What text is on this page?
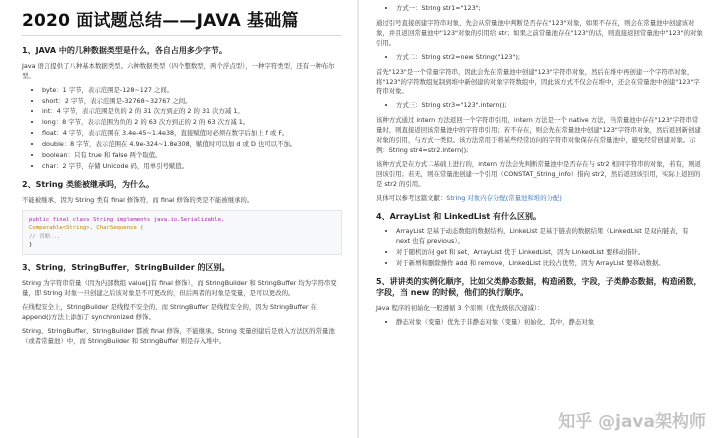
2020 面试题总结——JAVA 基础篇
1、JAVA 中的几种数据类型是什么，各自占用多少字节。

Java 语言提供了八种基本数据类型。六种数据类型（四个整数型，两个浮点型），一种字符类型，还有一种布尔型。

• byte：1 字节，表示范围是-128~127 之间。
• short：2 字节，表示范围是-32768~32767 之间。
• int：4 字节，表示范围是负的 2 的 31 次方到正的 2 的 31 次方减 1。
• long：8 字节，表示范围为负的 2 的 63 次方到正的 2 的 63 次方减 1。
• float：4 字节，表示范围在 3.4e-45~1.4e38，直接赋值时必须在数字后加上 f 或 F。
• double：8 字节，表示范围在 4.9e-324~1.8e308，赋值时可以加 d 或 D 也可以不加。
• boolean：只有 true 和 false 两个取值。
• char：2 字节，存储 Unicode 码，用单引号赋值。
2、String 类能被继承吗，为什么。

不能被继承，因为 String 类有 final 修饰符，而 final 修饰的类是不能被继承的。

public final class String implements java.io.Serializable,
Comparable<String>, CharSequence {
// 省略...
}
3、String，StringBuffer，StringBuilder 的区别。

String 为字符串常量（因为内部数组 value[]有 final 修饰），而 StringBuilder 和 StringBuffer 均为字符串变量，即 String 对象一旦创建之后该对象是不可更改的，但后两者的对象是变量，是可以更改的。

在线程安全上，StringBuilder 是线程不安全的，而 StringBuffer 是线程安全的，因为 StringBuffer 在 append()方法上添加了 synchronized 修饰。

String、StringBuffer、StringBuilder 都被 final 修饰，不能继承。String 变量创建后是放入方法区的常量池（或者常量池）中，而 StringBuilder 和 StringBuffer 则是存入堆中。

• 方式一：String str1="123";

通过引号直接创建字符串对象，先会从常量池中判断是否存在"123"对象，如果不存在，则会在常量池中创建该对象，并且返回常量池中"123"对象的引用给 str；如果之前常量池存在"123"的话，则直接返回常量池中"123"的对象引用。

• 方式二：String str2=new String("123");

首先"123"是一个常量字符串，因此会先在常量池中创建"123"字符串对象，然后在堆中再创建一个字符串对象，将"123"的字符数组复制到堆中新创建的对象字符数组中，因此该方式不仅会在堆中，还会在常量池中创建"123"字符串对象。

• 方式三：String str3="123".intern();

该种方式通过 intern 方法返回一个字符串引用，intern 方法是一个 native 方法，当常量池中存在"123"字符串常量时，则直接返回该常量池中的字符串引用；若不存在，则会先在常量池中创建"123"字符串对象，然后返回新创建对象的引用，与方式一类似。该方法常用于将某些经常访问的字符串对象保存在常量池中，避免经常创建对象。示例：String str4=str2.intern();

该种方式是在方式二基础上进行的，intern 方法会先判断常量池中是否存在与 str2 相同字符串的对象，若有，则返回该引用；若无，则在常量池创建一个引用（CONSTAT_String_info）指向 str2，然后返回该引用，实际上返回的是 str2 的引用。

具体可以参考这篇文献：String 对象内存分配(常量池和堆的分配)

4、ArrayList 和 LinkedList 有什么区别。
• ArrayList 是基于动态数组的数据结构，LinkeList 是基于链表的数据结果（LinkedList 是双向链表，有 next 也有 previous）。
• 对于随机访问 get 和 set，ArrayList 优于 LinkedList，因为 LinkedList 要移动指针。
• 对于新增和删除操作 add 和 remove，LinkedList 比较占优势，因为 ArrayList 要移动数据。
5、讲讲类的实例化顺序，比如父类静态数据，构造函数，字段，子类静态数据，构造函数，字段，当 new 的时候，他们的执行顺序。

Java 程序的初始化一般遵循 3 个原则（优先级依次递减）：

• 静态对象（变量）优先于非静态对象（变量）初始化，其中，静态对象
知乎 @java架构师
